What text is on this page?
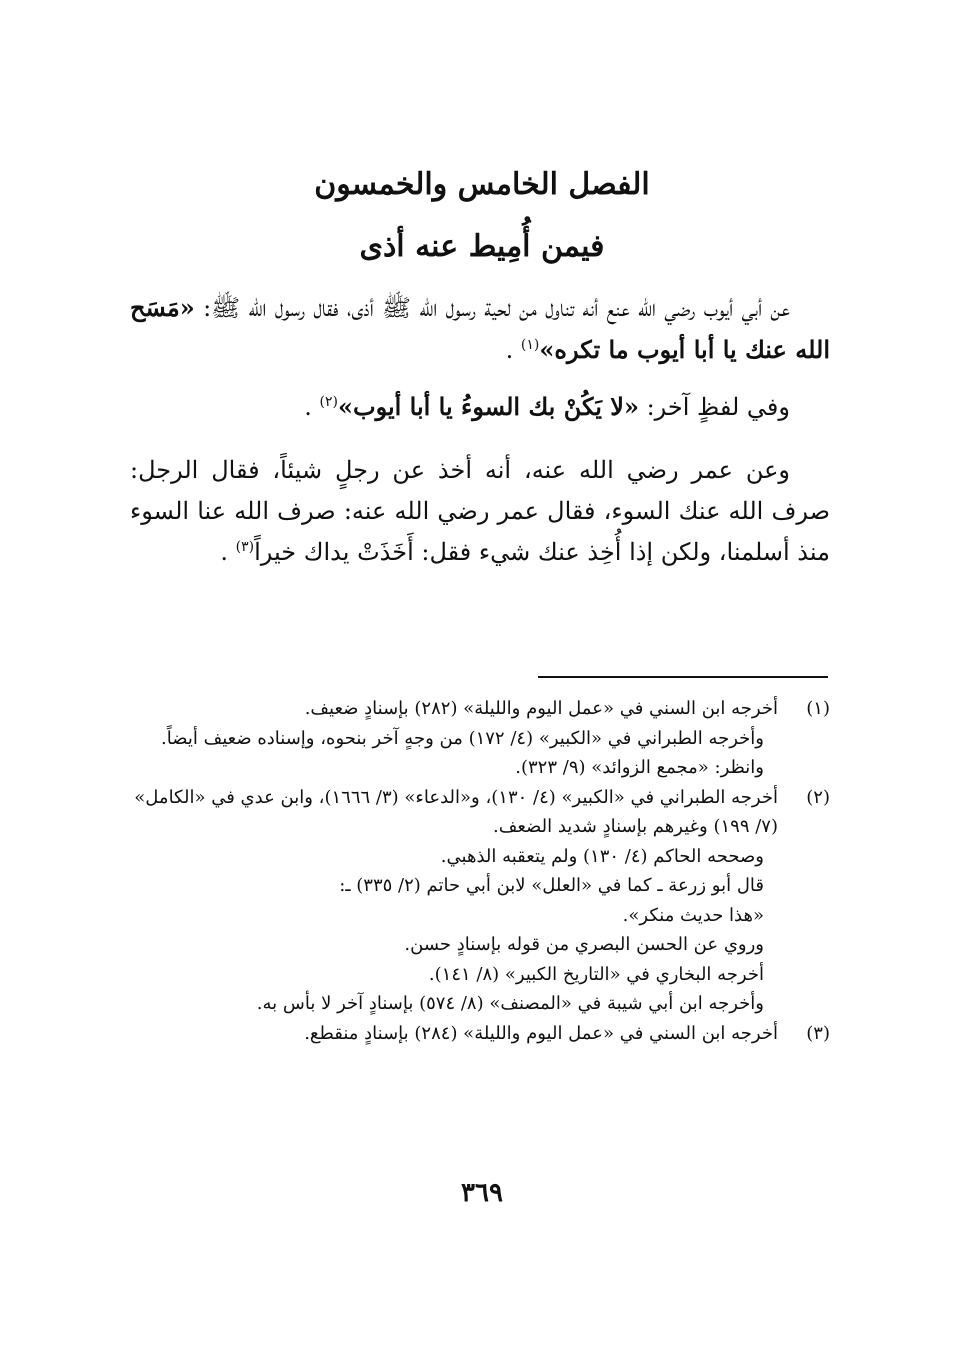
الفصل الخامس والخمسون
فيمن أُمِيط عنه أذى

عن أبي أيوب رضي الله عنع أنه تناول من لحية رسول الله ﷺ أذى، فقال رسول الله ﷺ: «مَسَح الله عنك يا أبا أيوب ما تكره»$^{(١)}$ .

وفي لفظٍ آخر: «لا يَكُنْ بك السوءُ يا أبا أيوب»$^{(٢)}$ .

وعن عمر رضي الله عنه، أنه أخذ عن رجلٍ شيئاً، فقال الرجل: صرف الله عنك السوء، فقال عمر رضي الله عنه: صرف الله عنا السوء منذ أسلمنا، ولكن إذا أُخِذ عنك شيء فقل: أَخَذَتْ يداك خيراً$^{(٣)}$ .

(١)
أخرجه ابن السني في «عمل اليوم والليلة» (٢٨٢) بإسنادٍ ضعيف.
وأخرجه الطبراني في «الكبير» (٤/ ١٧٢) من وجهٍ آخر بنحوه، وإسناده ضعيف أيضاً.
وانظر: «مجمع الزوائد» (٩/ ٣٢٣).
(٢)
أخرجه الطبراني في «الكبير» (٤/ ١٣٠)، و«الدعاء» (٣/ ١٦٦٦)، وابن عدي في «الكامل» (٧/ ١٩٩) وغيرهم بإسنادٍ شديد الضعف.
وصححه الحاكم (٤/ ١٣٠) ولم يتعقبه الذهبي.
قال أبو زرعة ـ كما في «العلل» لابن أبي حاتم (٢/ ٣٣٥) ـ:
«هذا حديث منكر».
وروي عن الحسن البصري من قوله بإسنادٍ حسن.
أخرجه البخاري في «التاريخ الكبير» (٨/ ١٤١).
وأخرجه ابن أبي شيبة في «المصنف» (٨/ ٥٧٤) بإسنادٍ آخر لا بأس به.
(٣)
أخرجه ابن السني في «عمل اليوم والليلة» (٢٨٤) بإسنادٍ منقطع.
٣٦٩
